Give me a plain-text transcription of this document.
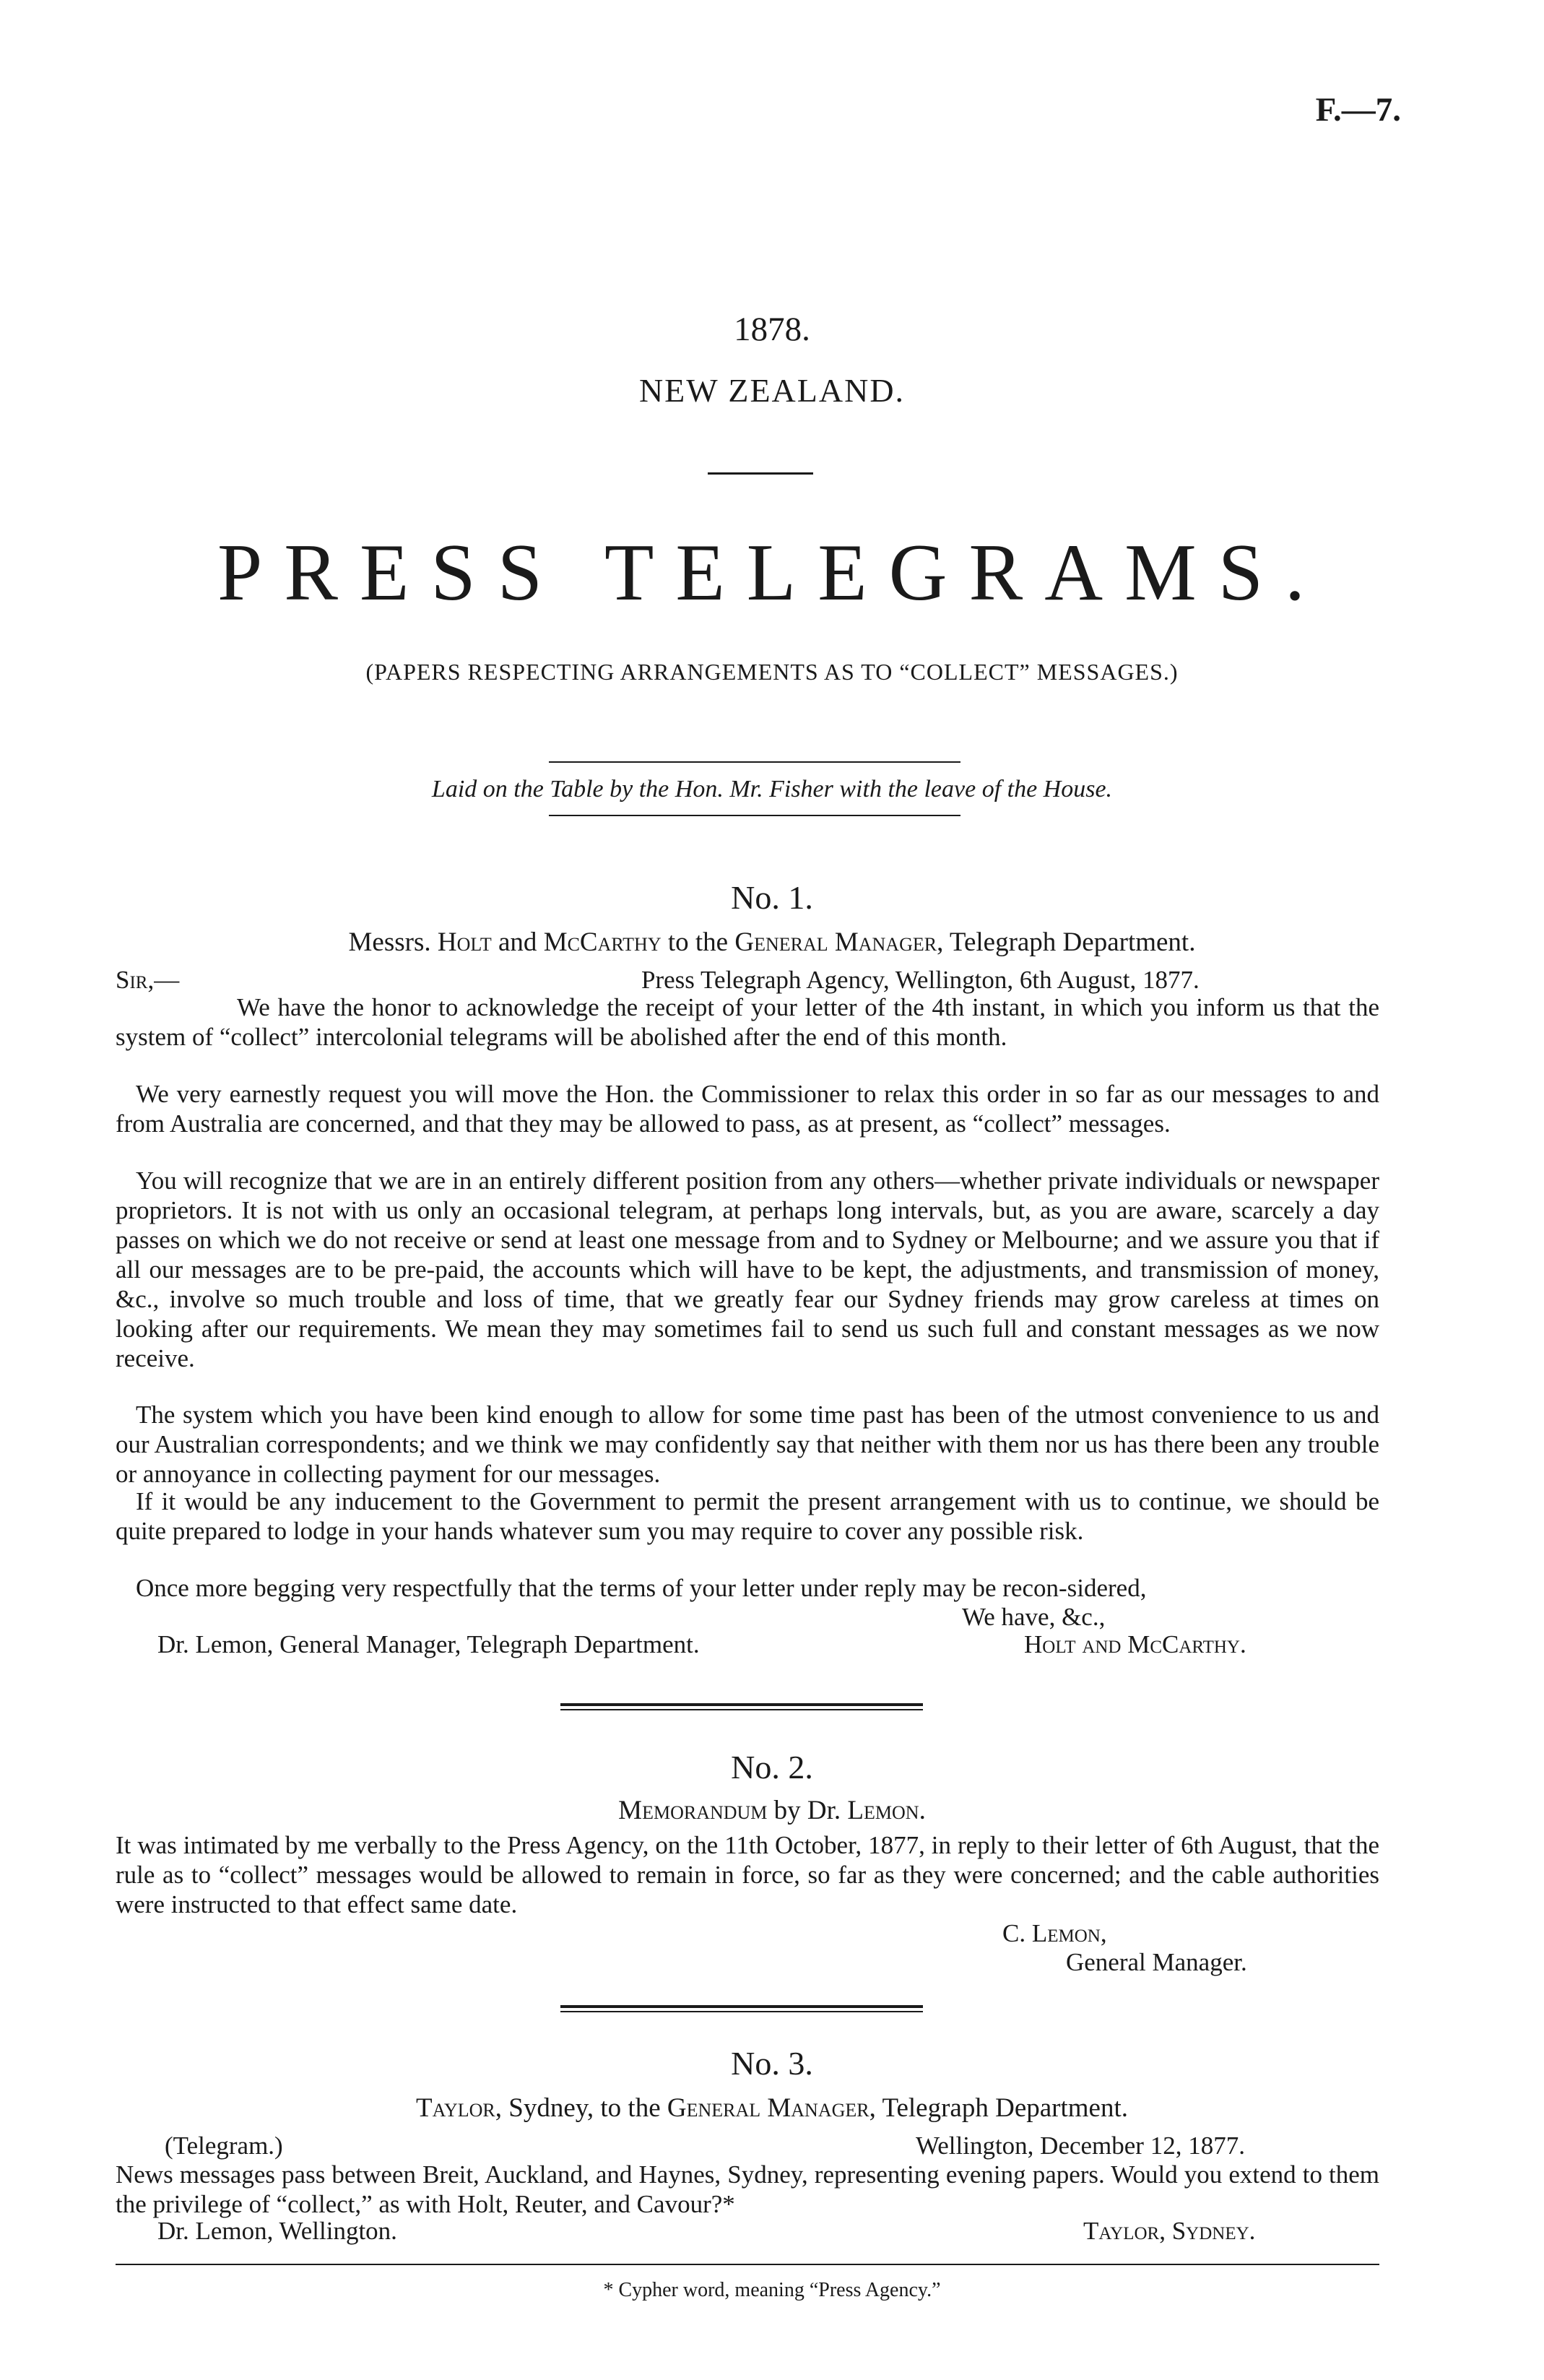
F.—7.
1878.
NEW ZEALAND.
PRESS TELEGRAMS.
(PAPERS RESPECTING ARRANGEMENTS AS TO “COLLECT” MESSAGES.)
Laid on the Table by the Hon. Mr. Fisher with the leave of the House.
No. 1.
Messrs. Holt and McCarthy to the General Manager, Telegraph Department.
Sir,—	Press Telegraph Agency, Wellington, 6th August, 1877.
We have the honor to acknowledge the receipt of your letter of the 4th instant, in which you inform us that the system of “collect” intercolonial telegrams will be abolished after the end of this month.
We very earnestly request you will move the Hon. the Commissioner to relax this order in so far as our messages to and from Australia are concerned, and that they may be allowed to pass, as at present, as “collect” messages.
You will recognize that we are in an entirely different position from any others—whether private individuals or newspaper proprietors. It is not with us only an occasional telegram, at perhaps long intervals, but, as you are aware, scarcely a day passes on which we do not receive or send at least one message from and to Sydney or Melbourne; and we assure you that if all our messages are to be pre-paid, the accounts which will have to be kept, the adjustments, and transmission of money, &c., involve so much trouble and loss of time, that we greatly fear our Sydney friends may grow careless at times on looking after our requirements. We mean they may sometimes fail to send us such full and constant messages as we now receive.
The system which you have been kind enough to allow for some time past has been of the utmost convenience to us and our Australian correspondents; and we think we may confidently say that neither with them nor us has there been any trouble or annoyance in collecting payment for our messages.
If it would be any inducement to the Government to permit the present arrangement with us to continue, we should be quite prepared to lodge in your hands whatever sum you may require to cover any possible risk.
Once more begging very respectfully that the terms of your letter under reply may be recon-sidered,
We have, &c.,
Dr. Lemon, General Manager, Telegraph Department.	Holt and McCarthy.
No. 2.
Memorandum by Dr. Lemon.
It was intimated by me verbally to the Press Agency, on the 11th October, 1877, in reply to their letter of 6th August, that the rule as to “collect” messages would be allowed to remain in force, so far as they were concerned; and the cable authorities were instructed to that effect same date.
C. Lemon,
General Manager.
No. 3.
Taylor, Sydney, to the General Manager, Telegraph Department.
(Telegram.)	Wellington, December 12, 1877.
News messages pass between Breit, Auckland, and Haynes, Sydney, representing evening papers. Would you extend to them the privilege of “collect,” as with Holt, Reuter, and Cavour?*
Dr. Lemon, Wellington.	Taylor, Sydney.
* Cypher word, meaning “Press Agency.”
